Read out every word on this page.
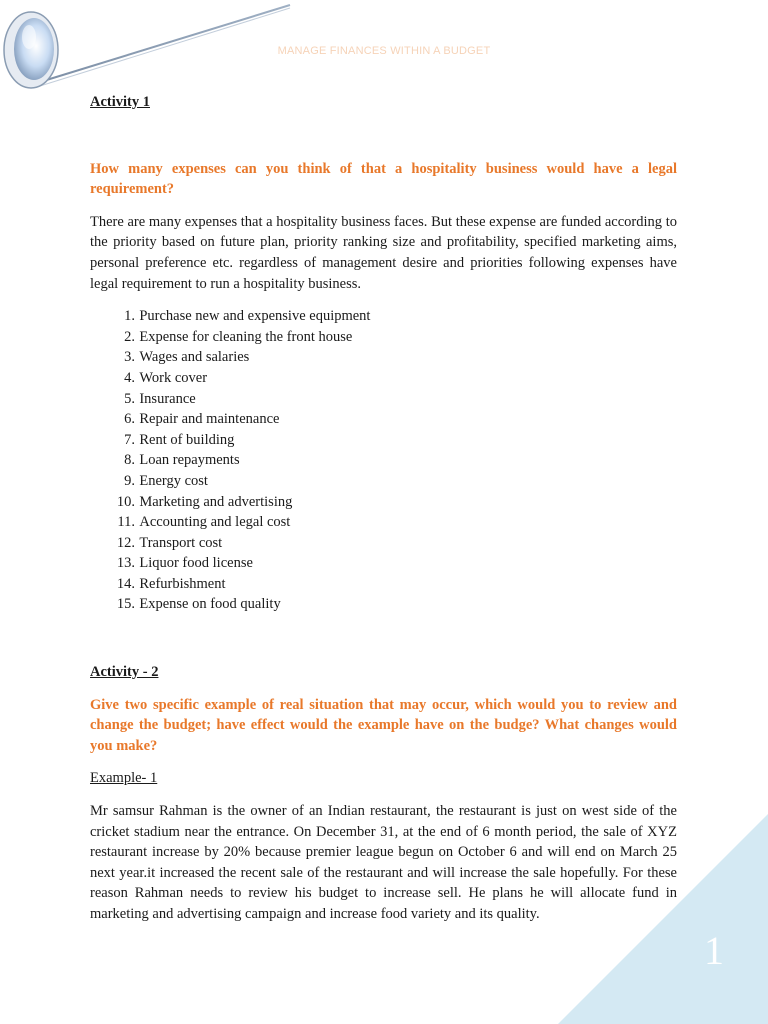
MANAGE FINANCES WITHIN A BUDGET
1

Activity 1

How many expenses can you think of that a hospitality business would have a legal requirement?

There are many expenses that a hospitality business faces. But these expense are funded according to the priority based on future plan, priority ranking size and profitability, specified marketing aims, personal preference etc. regardless of management desire and priorities following expenses have legal requirement to run a hospitality business.

1. Purchase new and expensive equipment
2. Expense for cleaning the front house
3. Wages and salaries
4. Work cover
5. Insurance
6. Repair and maintenance
7. Rent of building
8. Loan repayments
9. Energy cost
10. Marketing and advertising
11. Accounting and legal cost
12. Transport cost
13. Liquor food license
14. Refurbishment
15. Expense on food quality

Activity - 2

Give two specific example of real situation that may occur, which would you to review and change the budget; have effect would the example have on the budge? What changes would you make?

Example- 1

Mr samsur Rahman is the owner of an Indian restaurant, the restaurant is just on west side of the cricket stadium near the entrance. On December 31, at the end of 6 month period, the sale of XYZ restaurant increase by 20% because premier league begun on October 6 and will end on March 25 next year.it increased the recent sale of the restaurant and will increase the sale hopefully. For these reason Rahman needs to review his budget to increase sell. He plans he will allocate fund in marketing and advertising campaign and increase food variety and its quality.
